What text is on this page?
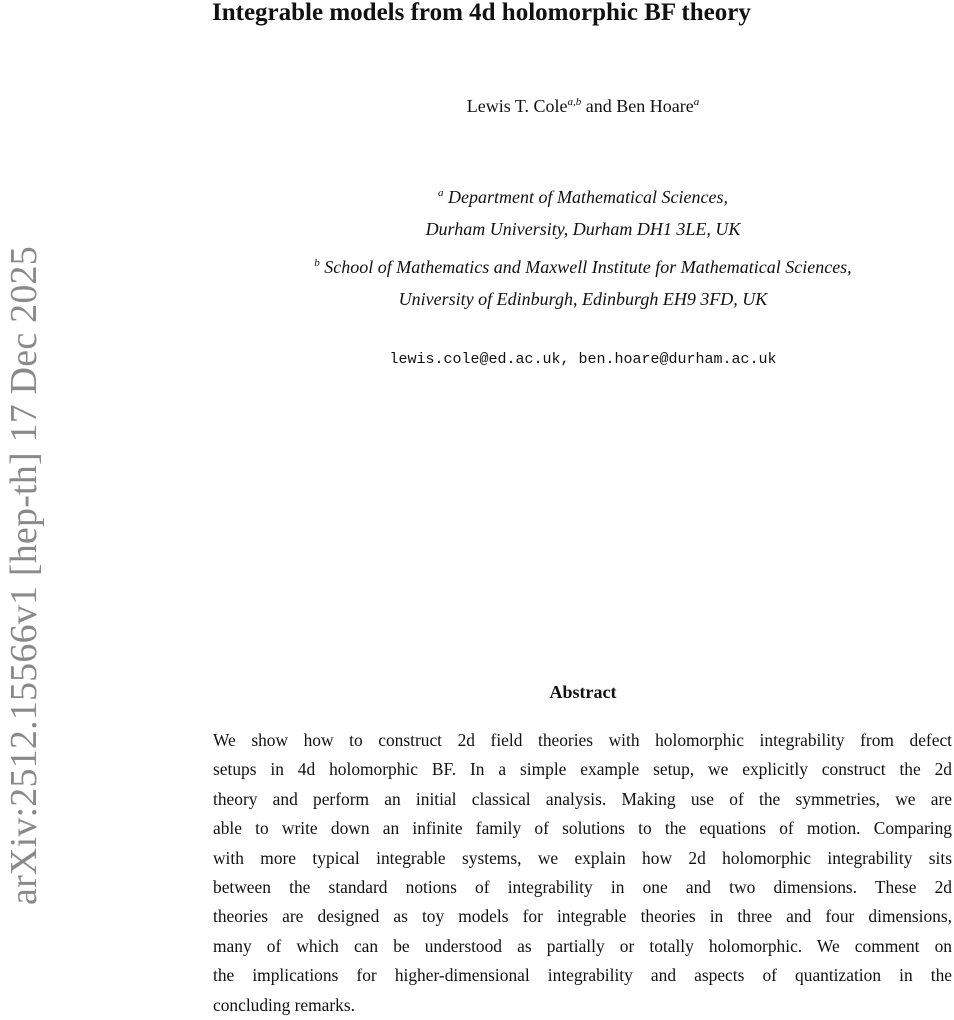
arXiv:2512.15566v1 [hep-th] 17 Dec 2025
Integrable models from 4d holomorphic BF theory
Lewis T. Cole$^{a,b}$ and Ben Hoare$^a$
$^a$ Department of Mathematical Sciences,
Durham University, Durham DH1 3LE, UK
$^b$ School of Mathematics and Maxwell Institute for Mathematical Sciences,
University of Edinburgh, Edinburgh EH9 3FD, UK
lewis.cole@ed.ac.uk, ben.hoare@durham.ac.uk
Abstract
We show how to construct 2d field theories with holomorphic integrability from defect
setups in 4d holomorphic BF. In a simple example setup, we explicitly construct the 2d
theory and perform an initial classical analysis. Making use of the symmetries, we are
able to write down an infinite family of solutions to the equations of motion. Comparing
with more typical integrable systems, we explain how 2d holomorphic integrability sits
between the standard notions of integrability in one and two dimensions. These 2d
theories are designed as toy models for integrable theories in three and four dimensions,
many of which can be understood as partially or totally holomorphic. We comment on
the implications for higher-dimensional integrability and aspects of quantization in the
concluding remarks.
